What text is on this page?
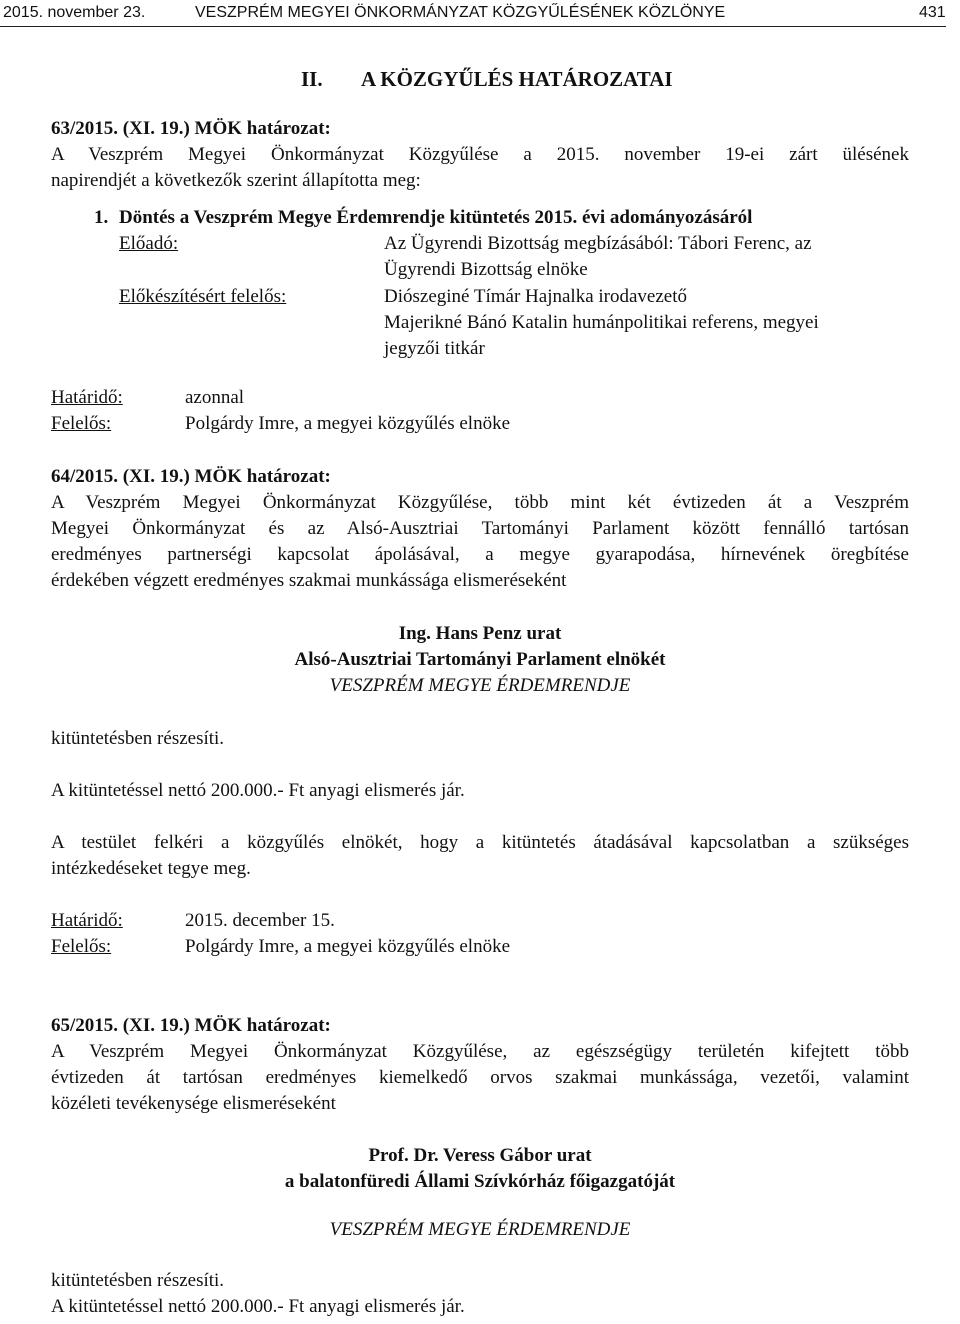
2015. november 23.	VESZPRÉM MEGYEI ÖNKORMÁNYZAT KÖZGYŰLÉSÉNEK KÖZLÖNYE	431
II. A KÖZGYŰLÉS HATÁROZATAI
63/2015. (XI. 19.) MÖK határozat:
A Veszprém Megyei Önkormányzat Közgyűlése a 2015. november 19-ei zárt ülésének
napirendjét a következők szerint állapította meg:
1. Döntés a Veszprém Megye Érdemrendje kitüntetés 2015. évi adományozásáról
Előadó:	Az Ügyrendi Bizottság megbízásából: Tábori Ferenc, az
Ügyrendi Bizottság elnöke
Előkészítésért felelős:	Diószeginé Tímár Hajnalka irodavezető
Majerikné Bánó Katalin humánpolitikai referens, megyei
jegyzői titkár
Határidő:	azonnal
Felelős:	Polgárdy Imre, a megyei közgyűlés elnöke
64/2015. (XI. 19.) MÖK határozat:
A Veszprém Megyei Önkormányzat Közgyűlése, több mint két évtizeden át a Veszprém
Megyei Önkormányzat és az Alsó-Ausztriai Tartományi Parlament között fennálló tartósan
eredményes partnerségi kapcsolat ápolásával, a megye gyarapodása, hírnevének öregbítése
érdekében végzett eredményes szakmai munkássága elismeréseként
Ing. Hans Penz urat
Alsó-Ausztriai Tartományi Parlament elnökét
VESZPRÉM MEGYE ÉRDEMRENDJE
kitüntetésben részesíti.
A kitüntetéssel nettó 200.000.- Ft anyagi elismerés jár.
A testület felkéri a közgyűlés elnökét, hogy a kitüntetés átadásával kapcsolatban a szükséges
intézkedéseket tegye meg.
Határidő:	2015. december 15.
Felelős:	Polgárdy Imre, a megyei közgyűlés elnöke
65/2015. (XI. 19.) MÖK határozat:
A Veszprém Megyei Önkormányzat Közgyűlése, az egészségügy területén kifejtett több
évtizeden át tartósan eredményes kiemelkedő orvos szakmai munkássága, vezetői, valamint
közéleti tevékenysége elismeréseként
Prof. Dr. Veress Gábor urat
a balatonfüredi Állami Szívkórház főigazgatóját
VESZPRÉM MEGYE ÉRDEMRENDJE
kitüntetésben részesíti.
A kitüntetéssel nettó 200.000.- Ft anyagi elismerés jár.
